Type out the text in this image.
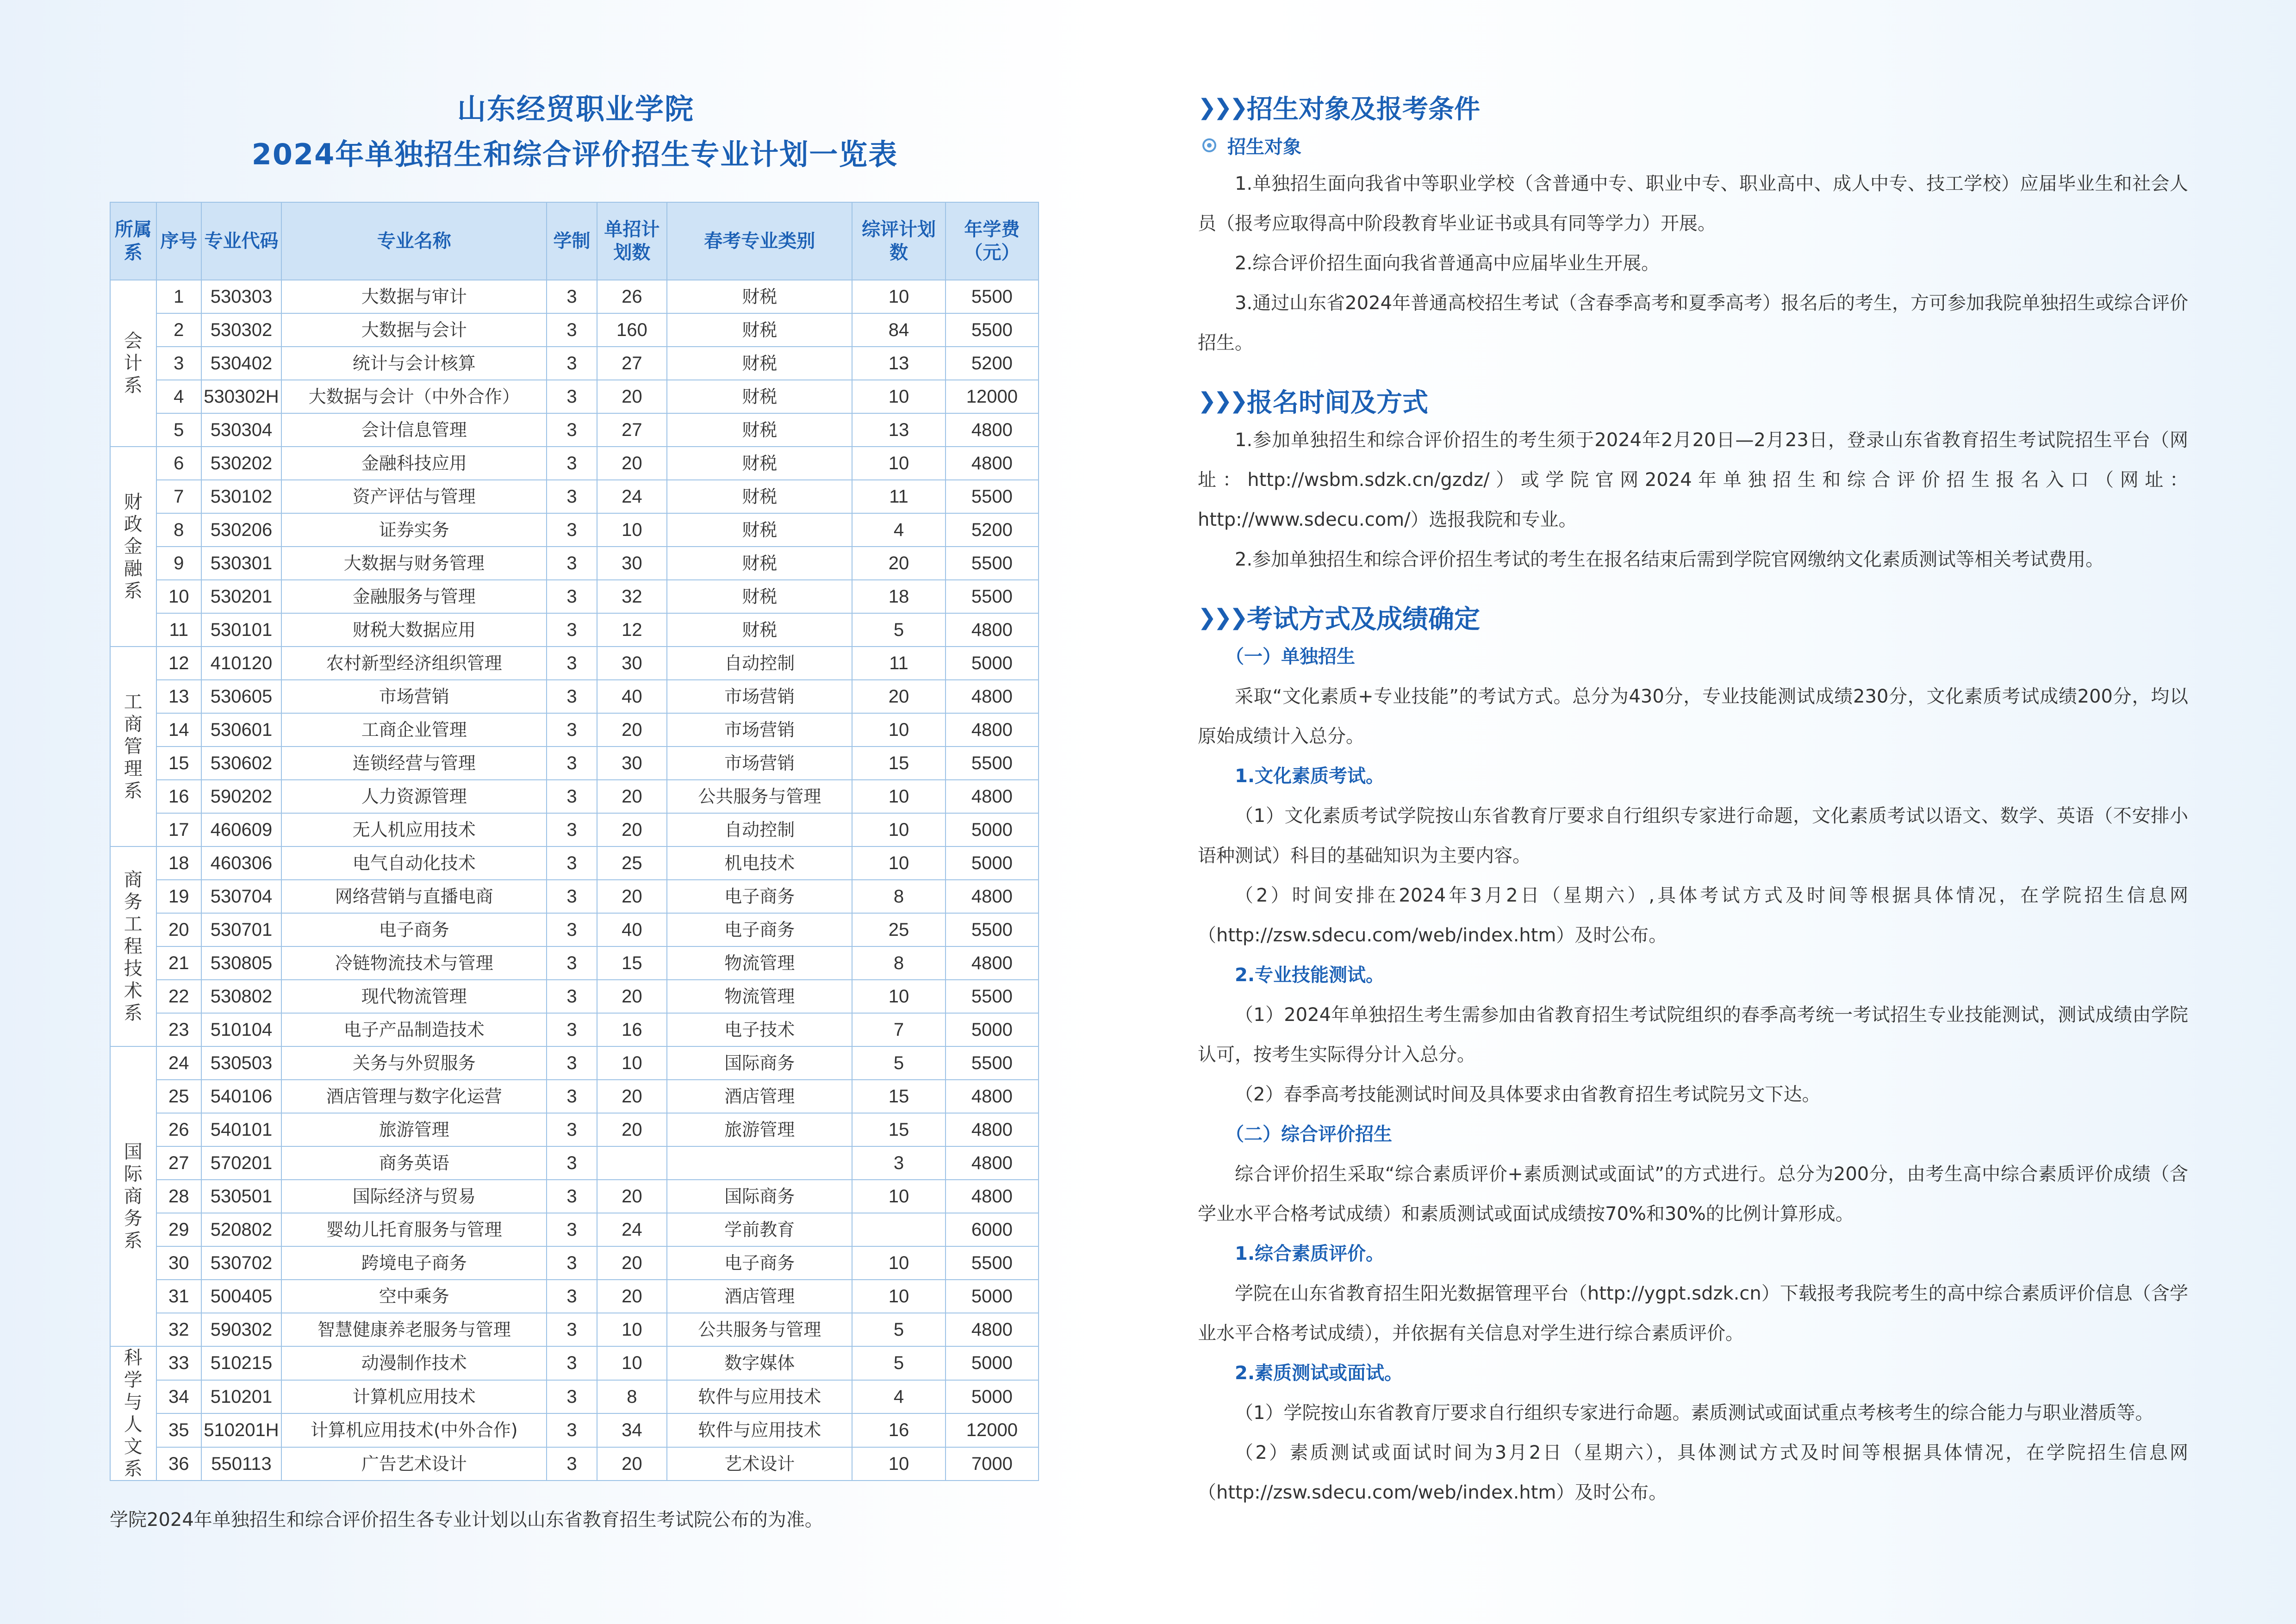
山东经贸职业学院
2024年单独招生和综合评价招生专业计划一览表
所属系	序号	专业代码	专业名称	学制	单招计划数	春考专业类别	综评计划数	年学费（元）
会计系	1	530303	大数据与审计	3	26	财税	10	5500
	2	530302	大数据与会计	3	160	财税	84	5500
	3	530402	统计与会计核算	3	27	财税	13	5200
	4	530302H	大数据与会计（中外合作）	3	20	财税	10	12000
	5	530304	会计信息管理	3	27	财税	13	4800
财政金融系	6	530202	金融科技应用	3	20	财税	10	4800
	7	530102	资产评估与管理	3	24	财税	11	5500
	8	530206	证券实务	3	10	财税	4	5200
	9	530301	大数据与财务管理	3	30	财税	20	5500
	10	530201	金融服务与管理	3	32	财税	18	5500
	11	530101	财税大数据应用	3	12	财税	5	4800
工商管理系	12	410120	农村新型经济组织管理	3	30	自动控制	11	5000
	13	530605	市场营销	3	40	市场营销	20	4800
	14	530601	工商企业管理	3	20	市场营销	10	4800
	15	530602	连锁经营与管理	3	30	市场营销	15	5500
	16	590202	人力资源管理	3	20	公共服务与管理	10	4800
	17	460609	无人机应用技术	3	20	自动控制	10	5000
商务工程技术系	18	460306	电气自动化技术	3	25	机电技术	10	5000
	19	530704	网络营销与直播电商	3	20	电子商务	8	4800
	20	530701	电子商务	3	40	电子商务	25	5500
	21	530805	冷链物流技术与管理	3	15	物流管理	8	4800
	22	530802	现代物流管理	3	20	物流管理	10	5500
	23	510104	电子产品制造技术	3	16	电子技术	7	5000
国际商务系	24	530503	关务与外贸服务	3	10	国际商务	5	5500
	25	540106	酒店管理与数字化运营	3	20	酒店管理	15	4800
	26	540101	旅游管理	3	20	旅游管理	15	4800
	27	570201	商务英语	3			3	4800
	28	530501	国际经济与贸易	3	20	国际商务	10	4800
	29	520802	婴幼儿托育服务与管理	3	24	学前教育		6000
	30	530702	跨境电子商务	3	20	电子商务	10	5500
	31	500405	空中乘务	3	20	酒店管理	10	5000
	32	590302	智慧健康养老服务与管理	3	10	公共服务与管理	5	4800
科学与人文系	33	510215	动漫制作技术	3	10	数字媒体	5	5000
	34	510201	计算机应用技术	3	8	软件与应用技术	4	5000
	35	510201H	计算机应用技术(中外合作)	3	34	软件与应用技术	16	12000
	36	550113	广告艺术设计	3	20	艺术设计	10	7000
学院2024年单独招生和综合评价招生各专业计划以山东省教育招生考试院公布的为准。
❯❯❯ 招生对象及报考条件
招生对象

1.单独招生面向我省中等职业学校（含普通中专、职业中专、职业高中、成人中专、技工学校）应届毕业生和社会人员（报考应取得高中阶段教育毕业证书或具有同等学力）开展。

2.综合评价招生面向我省普通高中应届毕业生开展。

3.通过山东省2024年普通高校招生考试（含春季高考和夏季高考）报名后的考生，方可参加我院单独招生或综合评价招生。

❯❯❯ 报名时间及方式

1.参加单独招生和综合评价招生的考生须于2024年2月20日—2月23日，登录山东省教育招生考试院招生平台（网址：http://wsbm.sdzk.cn/gzdz/）或学院官网2024年单独招生和综合评价招生报名入口（网址：http://www.sdecu.com/）选报我院和专业。

2.参加单独招生和综合评价招生考试的考生在报名结束后需到学院官网缴纳文化素质测试等相关考试费用。

❯❯❯ 考试方式及成绩确定

（一）单独招生

采取“文化素质+专业技能”的考试方式。总分为430分，专业技能测试成绩230分，文化素质考试成绩200分，均以原始成绩计入总分。

1.文化素质考试。

（1）文化素质考试学院按山东省教育厅要求自行组织专家进行命题，文化素质考试以语文、数学、英语（不安排小语种测试）科目的基础知识为主要内容。

（2）时间安排在2024年3月2日（星期六）,具体考试方式及时间等根据具体情况，在学院招生信息网（http://zsw.sdecu.com/web/index.htm）及时公布。

2.专业技能测试。

（1）2024年单独招生考生需参加由省教育招生考试院组织的春季高考统一考试招生专业技能测试，测试成绩由学院认可，按考生实际得分计入总分。

（2）春季高考技能测试时间及具体要求由省教育招生考试院另文下达。

（二）综合评价招生

综合评价招生采取“综合素质评价+素质测试或面试”的方式进行。总分为200分，由考生高中综合素质评价成绩（含学业水平合格考试成绩）和素质测试或面试成绩按70%和30%的比例计算形成。

1.综合素质评价。

学院在山东省教育招生阳光数据管理平台（http://ygpt.sdzk.cn）下载报考我院考生的高中综合素质评价信息（含学业水平合格考试成绩），并依据有关信息对学生进行综合素质评价。

2.素质测试或面试。

（1）学院按山东省教育厅要求自行组织专家进行命题。素质测试或面试重点考核考生的综合能力与职业潜质等。

（2）素质测试或面试时间为3月2日（星期六），具体测试方式及时间等根据具体情况，在学院招生信息网（http://zsw.sdecu.com/web/index.htm）及时公布。
